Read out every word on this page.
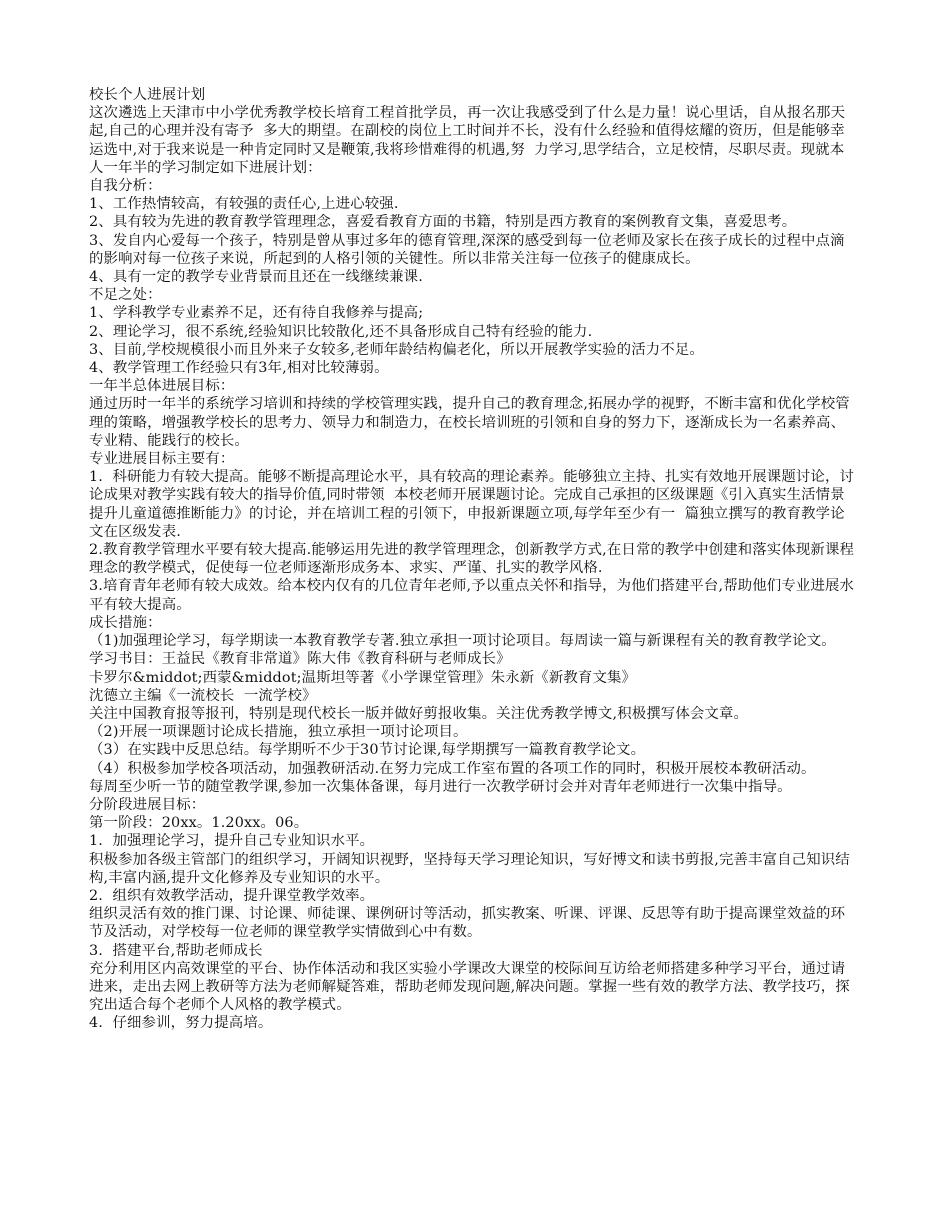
校长个人进展计划

这次遴选上天津市中小学优秀教学校长培育工程首批学员，再一次让我感受到了什么是力量！说心里话，自从报名那天起,自己的心理并没有寄予  多大的期望。在副校的岗位上工时间并不长，没有什么经验和值得炫耀的资历，但是能够幸运选中,对于我来说是一种肯定同时又是鞭策,我将珍惜难得的机遇,努  力学习,思学结合，立足校情，尽职尽责。现就本人一年半的学习制定如下进展计划：

自我分析：

1、工作热情较高，有较强的责任心,上进心较强.

2、具有较为先进的教育教学管理理念，喜爱看教育方面的书籍，特别是西方教育的案例教育文集，喜爱思考。

3、发自内心爱每一个孩子，特别是曾从事过多年的德育管理,深深的感受到每一位老师及家长在孩子成长的过程中点滴的影响对每一位孩子来说，所起到的人格引领的关键性。所以非常关注每一位孩子的健康成长。

4、具有一定的教学专业背景而且还在一线继续兼课.

不足之处：

1、学科教学专业素养不足，还有待自我修养与提高;

2、理论学习，很不系统,经验知识比较散化,还不具备形成自己特有经验的能力.

3、目前,学校规模很小而且外来子女较多,老师年龄结构偏老化，所以开展教学实验的活力不足。

4、教学管理工作经验只有3年,相对比较薄弱。

一年半总体进展目标：

通过历时一年半的系统学习培训和持续的学校管理实践，提升自己的教育理念,拓展办学的视野，不断丰富和优化学校管理的策略，增强教学校长的思考力、领导力和制造力，在校长培训班的引领和自身的努力下，逐渐成长为一名素养高、专业精、能践行的校长。

专业进展目标主要有：

1.  科研能力有较大提高。能够不断提高理论水平，具有较高的理论素养。能够独立主持、扎实有效地开展课题讨论，讨论成果对教学实践有较大的指导价值,同时带领  本校老师开展课题讨论。完成自己承担的区级课题《引入真实生活情景提升儿童道德推断能力》的讨论，并在培训工程的引领下，申报新课题立项,每学年至少有一  篇独立撰写的教育教学论文在区级发表.

2.教育教学管理水平要有较大提高.能够运用先进的教学管理理念，创新教学方式,在日常的教学中创建和落实体现新课程理念的教学模式，促使每一位老师逐渐形成务本、求实、严谨、扎实的教学风格.

3.培育青年老师有较大成效。给本校内仅有的几位青年老师,予以重点关怀和指导，为他们搭建平台,帮助他们专业进展水平有较大提高。

成长措施：

（1)加强理论学习，每学期读一本教育教学专著.独立承担一项讨论项目。每周读一篇与新课程有关的教育教学论文。

学习书目：王益民《教育非常道》陈大伟《教育科研与老师成长》

卡罗尔&middot;西蒙&middot;温斯坦等著《小学课堂管理》朱永新《新教育文集》

沈德立主编《一流校长  一流学校》

关注中国教育报等报刊，特别是现代校长一版并做好剪报收集。关注优秀教学博文,积极撰写体会文章。

（2)开展一项课题讨论成长措施，独立承担一项讨论项目。

（3）在实践中反思总结。每学期听不少于30节讨论课,每学期撰写一篇教育教学论文。

（4）积极参加学校各项活动，加强教研活动.在努力完成工作室布置的各项工作的同时，积极开展校本教研活动。

每周至少听一节的随堂教学课,参加一次集体备课，每月进行一次教学研讨会并对青年老师进行一次集中指导。

分阶段进展目标：

第一阶段：20xx。1.20xx。06。

1.  加强理论学习，提升自己专业知识水平。

积极参加各级主管部门的组织学习，开阔知识视野，坚持每天学习理论知识，写好博文和读书剪报,完善丰富自己知识结构,丰富内涵,提升文化修养及专业知识的水平。

2.  组织有效教学活动，提升课堂教学效率。

组织灵活有效的推门课、讨论课、师徒课、课例研讨等活动，抓实教案、听课、评课、反思等有助于提高课堂效益的环节及活动，对学校每一位老师的课堂教学实情做到心中有数。

3.  搭建平台,帮助老师成长

充分利用区内高效课堂的平台、协作体活动和我区实验小学课改大课堂的校际间互访给老师搭建多种学习平台，通过请进来，走出去网上教研等方法为老师解疑答难，帮助老师发现问题,解决问题。掌握一些有效的教学方法、教学技巧，探究出适合每个老师个人风格的教学模式。

4.  仔细参训，努力提高培。
